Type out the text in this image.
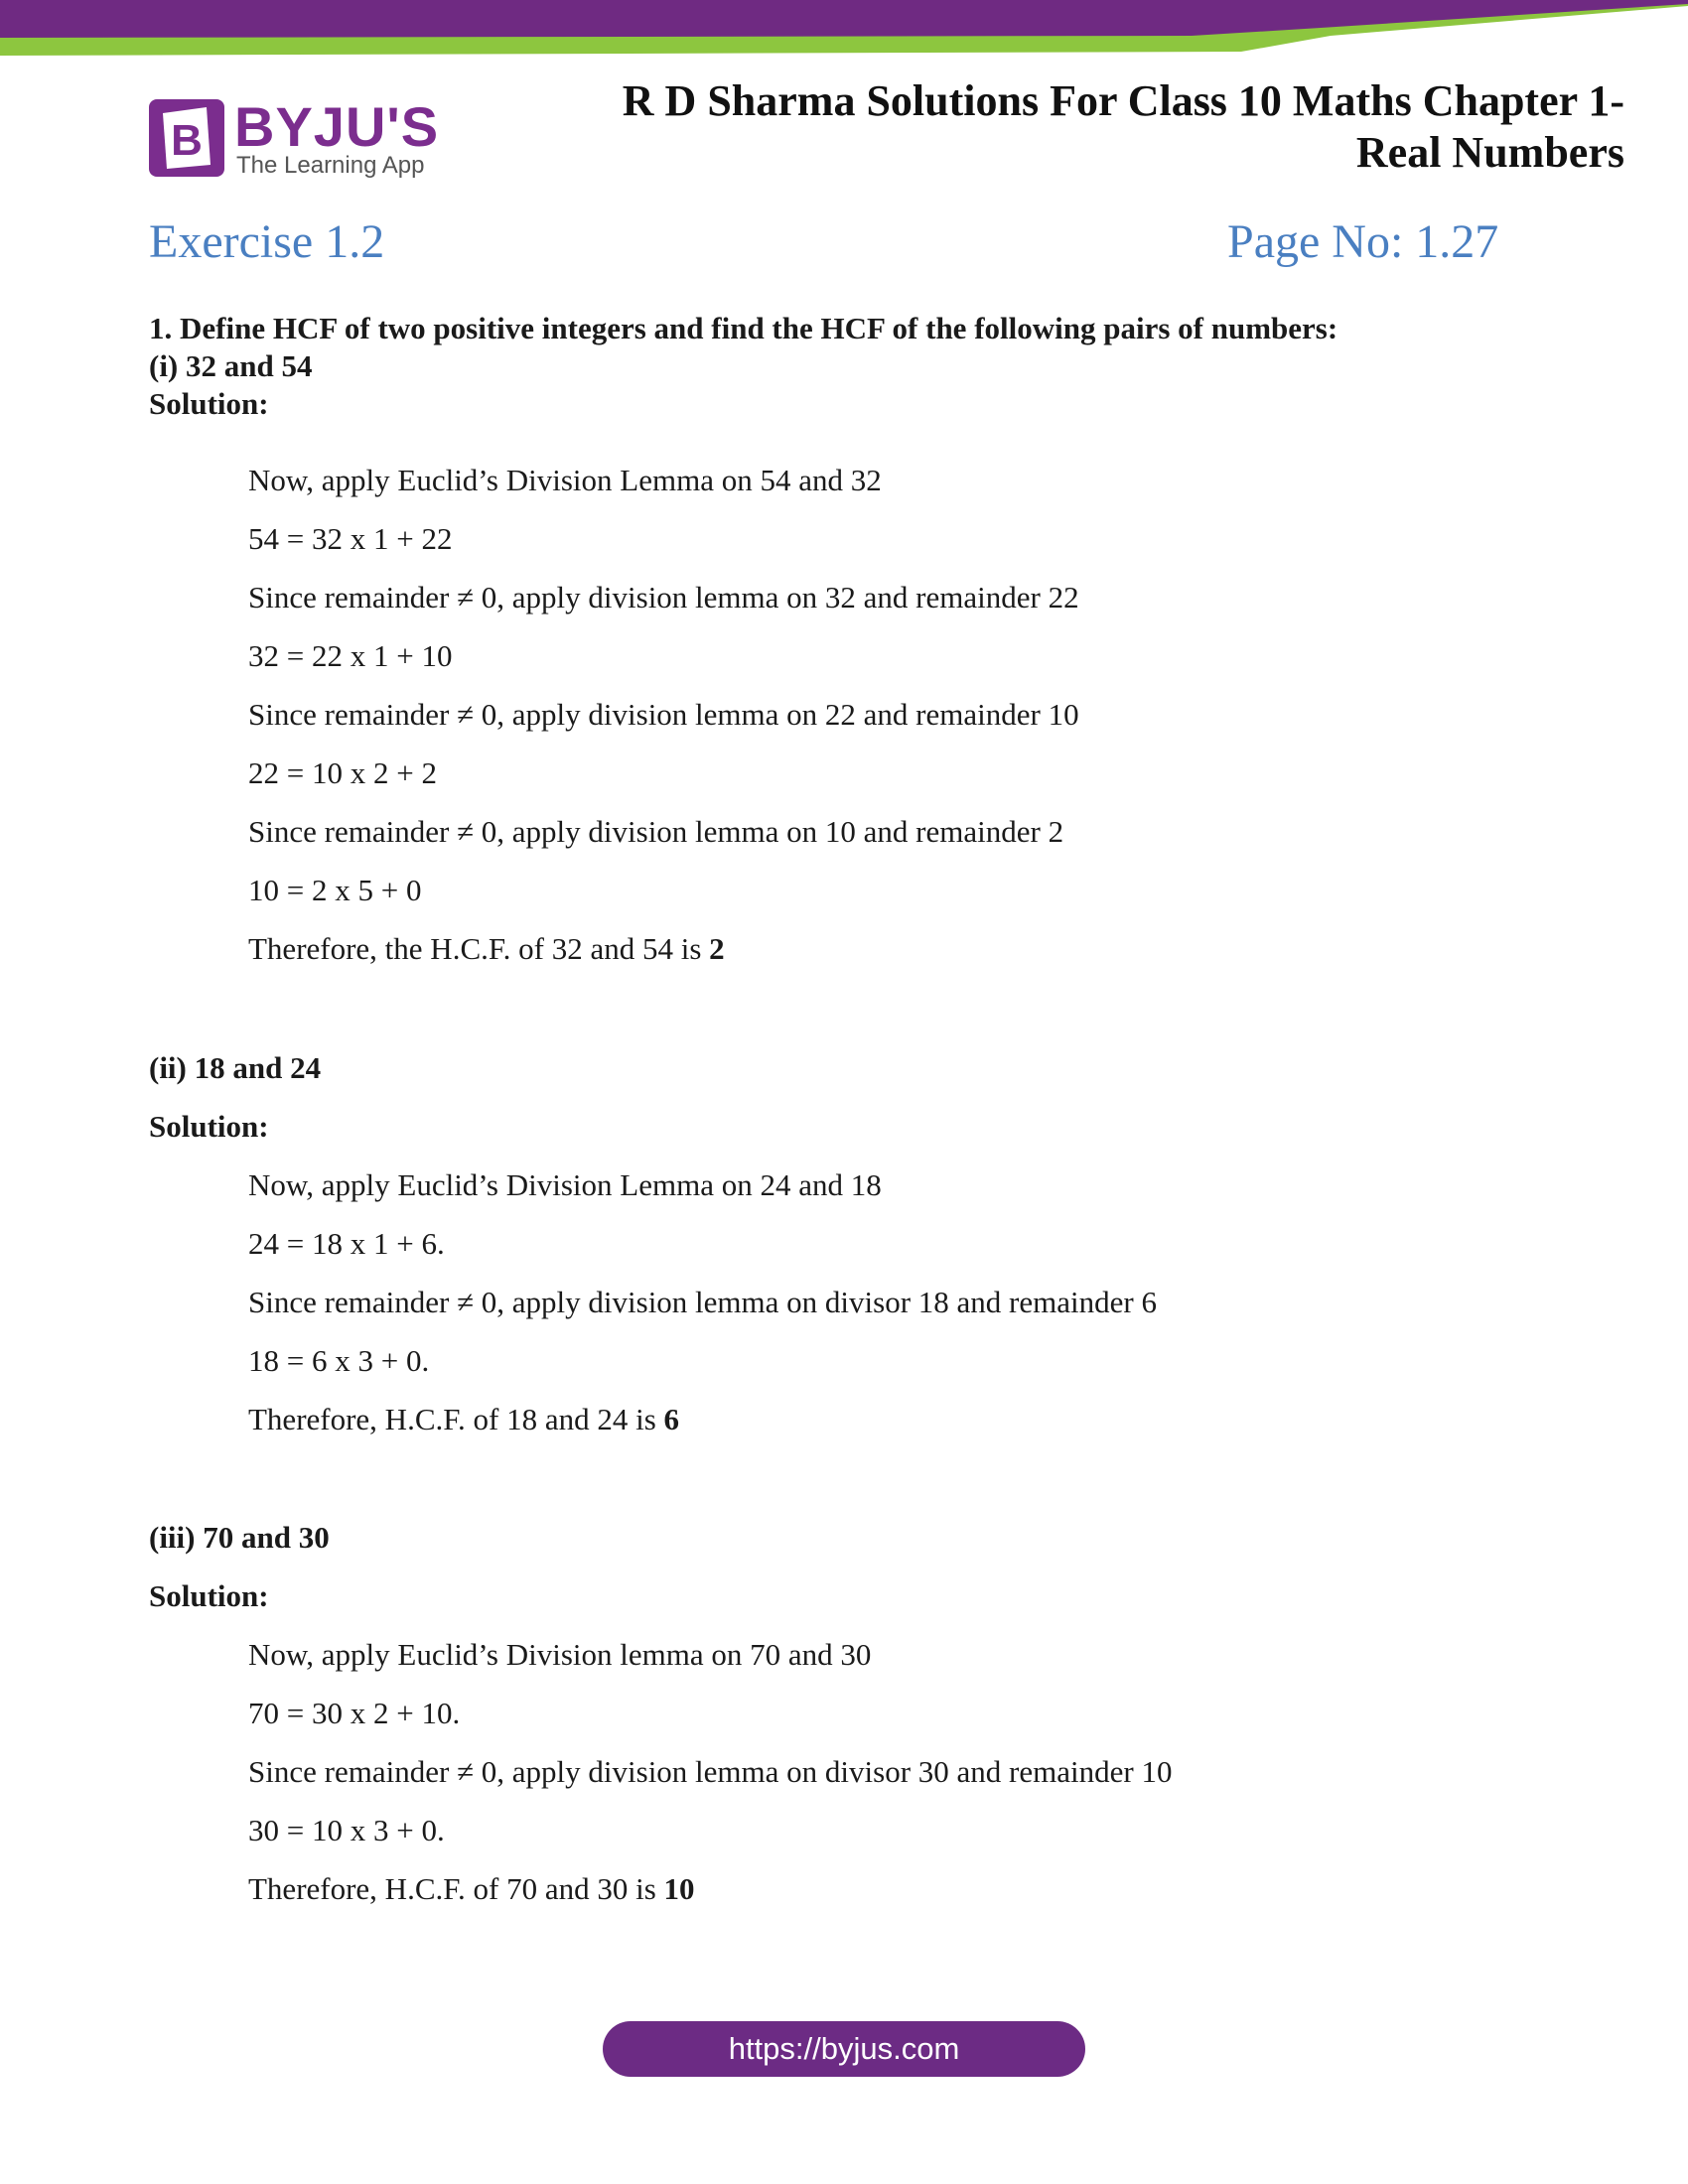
B BYJU'S
The Learning App
R D Sharma Solutions For Class 10 Maths Chapter 1-
Real Numbers
Exercise 1.2	Page No: 1.27
1. Define HCF of two positive integers and find the HCF of the following pairs of numbers:
(i) 32 and 54
Solution:
Now, apply Euclid’s Division Lemma on 54 and 32
54 = 32 x 1 + 22
Since remainder ≠ 0, apply division lemma on 32 and remainder 22
32 = 22 x 1 + 10
Since remainder ≠ 0, apply division lemma on 22 and remainder 10
22 = 10 x 2 + 2
Since remainder ≠ 0, apply division lemma on 10 and remainder 2
10 = 2 x 5 + 0
Therefore, the H.C.F. of 32 and 54 is 2
(ii) 18 and 24
Solution:
Now, apply Euclid’s Division Lemma on 24 and 18
24 = 18 x 1 + 6.
Since remainder ≠ 0, apply division lemma on divisor 18 and remainder 6
18 = 6 x 3 + 0.
Therefore, H.C.F. of 18 and 24 is 6
(iii) 70 and 30
Solution:
Now, apply Euclid’s Division lemma on 70 and 30
70 = 30 x 2 + 10.
Since remainder ≠ 0, apply division lemma on divisor 30 and remainder 10
30 = 10 x 3 + 0.
Therefore, H.C.F. of 70 and 30 is 10
https://byjus.com
